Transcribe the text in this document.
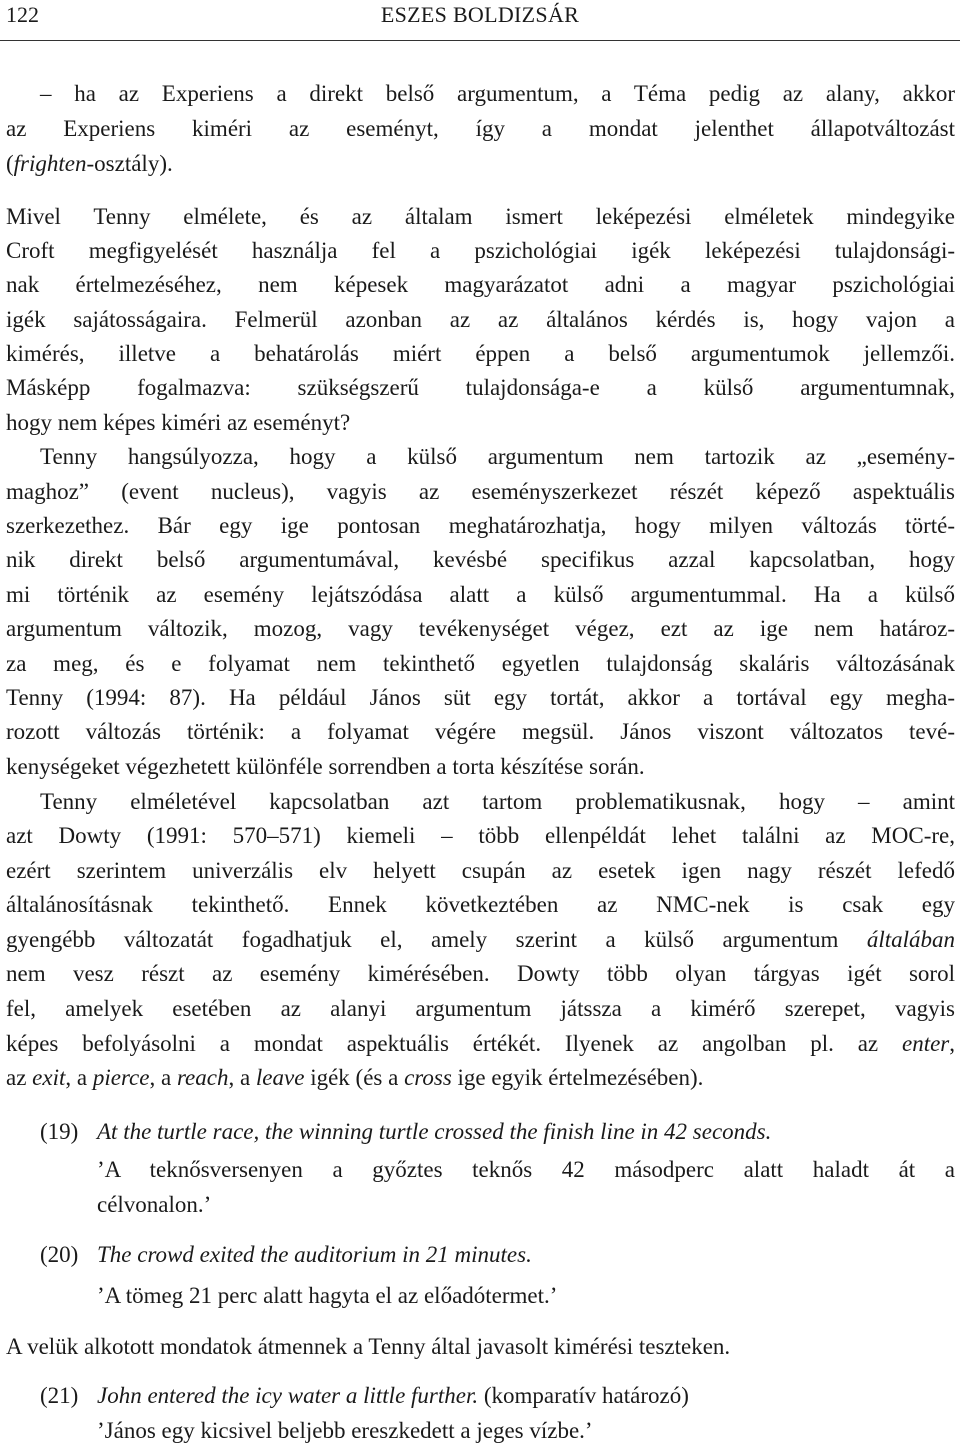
122	ESZES BOLDIZSÁR
– ha az Experiens a direkt belső argumentum, a Téma pedig az alany, akkor
az Experiens kiméri az eseményt, így a mondat jelenthet állapotváltozást
(frighten-osztály).
Mivel Tenny elmélete, és az általam ismert leképezési elméletek mindegyike
Croft megfigyelését használja fel a pszichológiai igék leképezési tulajdonsági-
nak értelmezéséhez, nem képesek magyarázatot adni a magyar pszichológiai
igék sajátosságaira. Felmerül azonban az az általános kérdés is, hogy vajon a
kimérés, illetve a behatárolás miért éppen a belső argumentumok jellemzői.
Másképp fogalmazva: szükségszerű tulajdonsága-e a külső argumentumnak,
hogy nem képes kiméri az eseményt?
Tenny hangsúlyozza, hogy a külső argumentum nem tartozik az „esemény-
maghoz” (event nucleus), vagyis az eseményszerkezet részét képező aspektuális
szerkezethez. Bár egy ige pontosan meghatározhatja, hogy milyen változás törté-
nik direkt belső argumentumával, kevésbé specifikus azzal kapcsolatban, hogy
mi történik az esemény lejátszódása alatt a külső argumentummal. Ha a külső
argumentum változik, mozog, vagy tevékenységet végez, ezt az ige nem határoz-
za meg, és e folyamat nem tekinthető egyetlen tulajdonság skaláris változásának
Tenny (1994: 87). Ha például János süt egy tortát, akkor a tortával egy megha-
rozott változás történik: a folyamat végére megsül. János viszont változatos tevé-
kenységeket végezhetett különféle sorrendben a torta készítése során.
Tenny elméletével kapcsolatban azt tartom problematikusnak, hogy – amint
azt Dowty (1991: 570–571) kiemeli – több ellenpéldát lehet találni az MOC-re,
ezért szerintem univerzális elv helyett csupán az esetek igen nagy részét lefedő
általánosításnak tekinthető. Ennek következtében az NMC-nek is csak egy
gyengébb változatát fogadhatjuk el, amely szerint a külső argumentum általában
nem vesz részt az esemény kimérésében. Dowty több olyan tárgyas igét sorol
fel, amelyek esetében az alanyi argumentum játssza a kimérő szerepet, vagyis
képes befolyásolni a mondat aspektuális értékét. Ilyenek az angolban pl. az enter,
az exit, a pierce, a reach, a leave igék (és a cross ige egyik értelmezésében).
(19) At the turtle race, the winning turtle crossed the finish line in 42 seconds.
’A teknősversenyen a győztes teknős 42 másodperc alatt haladt át a
célvonalon.’
(20) The crowd exited the auditorium in 21 minutes.
’A tömeg 21 perc alatt hagyta el az előadótermet.’
A velük alkotott mondatok átmennek a Tenny által javasolt kimérési teszteken.
(21) John entered the icy water a little further. (komparatív határozó)
’János egy kicsivel beljebb ereszkedett a jeges vízbe.’
